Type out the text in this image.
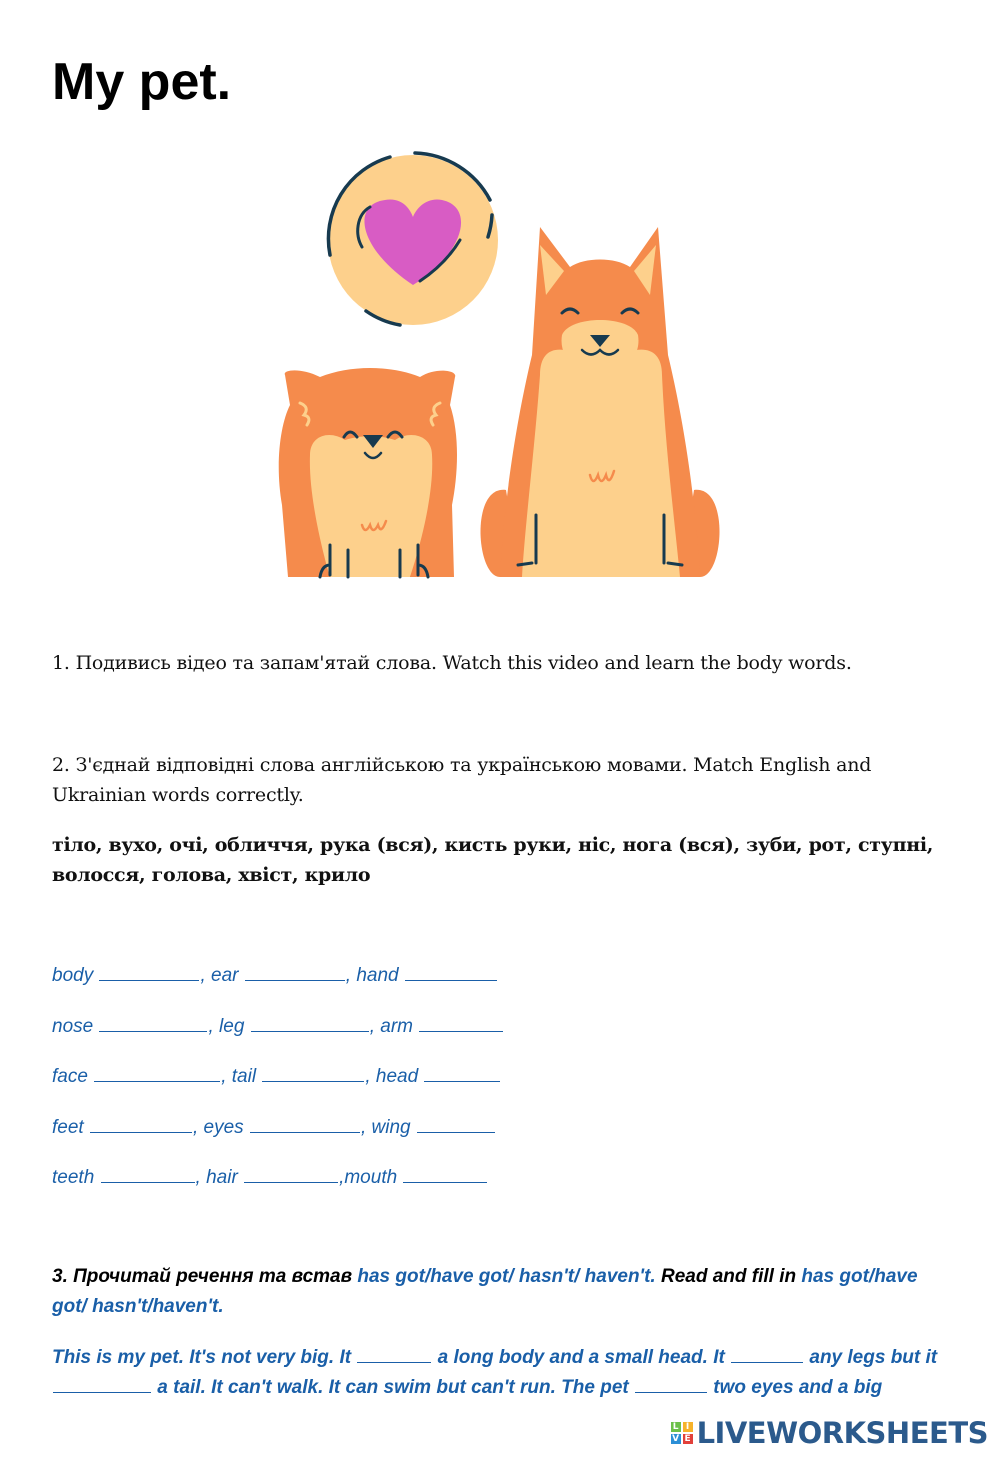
My pet.
1. Подивись відео та запам'ятай слова. Watch this video and learn the body words.
2. З'єднай відповідні слова англійською та українською мовами. Match English and Ukrainian words correctly.
тіло, вухо, очі, обличчя, рука (вся), кисть руки, ніс, нога (вся), зуби, рот, ступні, волосся, голова, хвіст, крило
body	, ear	, hand
nose	, leg	, arm
face	, tail	, head
feet	, eyes	, wing
teeth	, hair	,mouth
3. Прочитай речення та встав has got/have got/ hasn't/ haven't. Read and fill in has got/have got/ hasn't/haven't.
This is my pet. It's not very big. It	a long body and a small head. It	any legs but it  a tail. It can't walk. It can swim but can't run. The pet	two eyes and a big
L I
V E LIVEWORKSHEETS
